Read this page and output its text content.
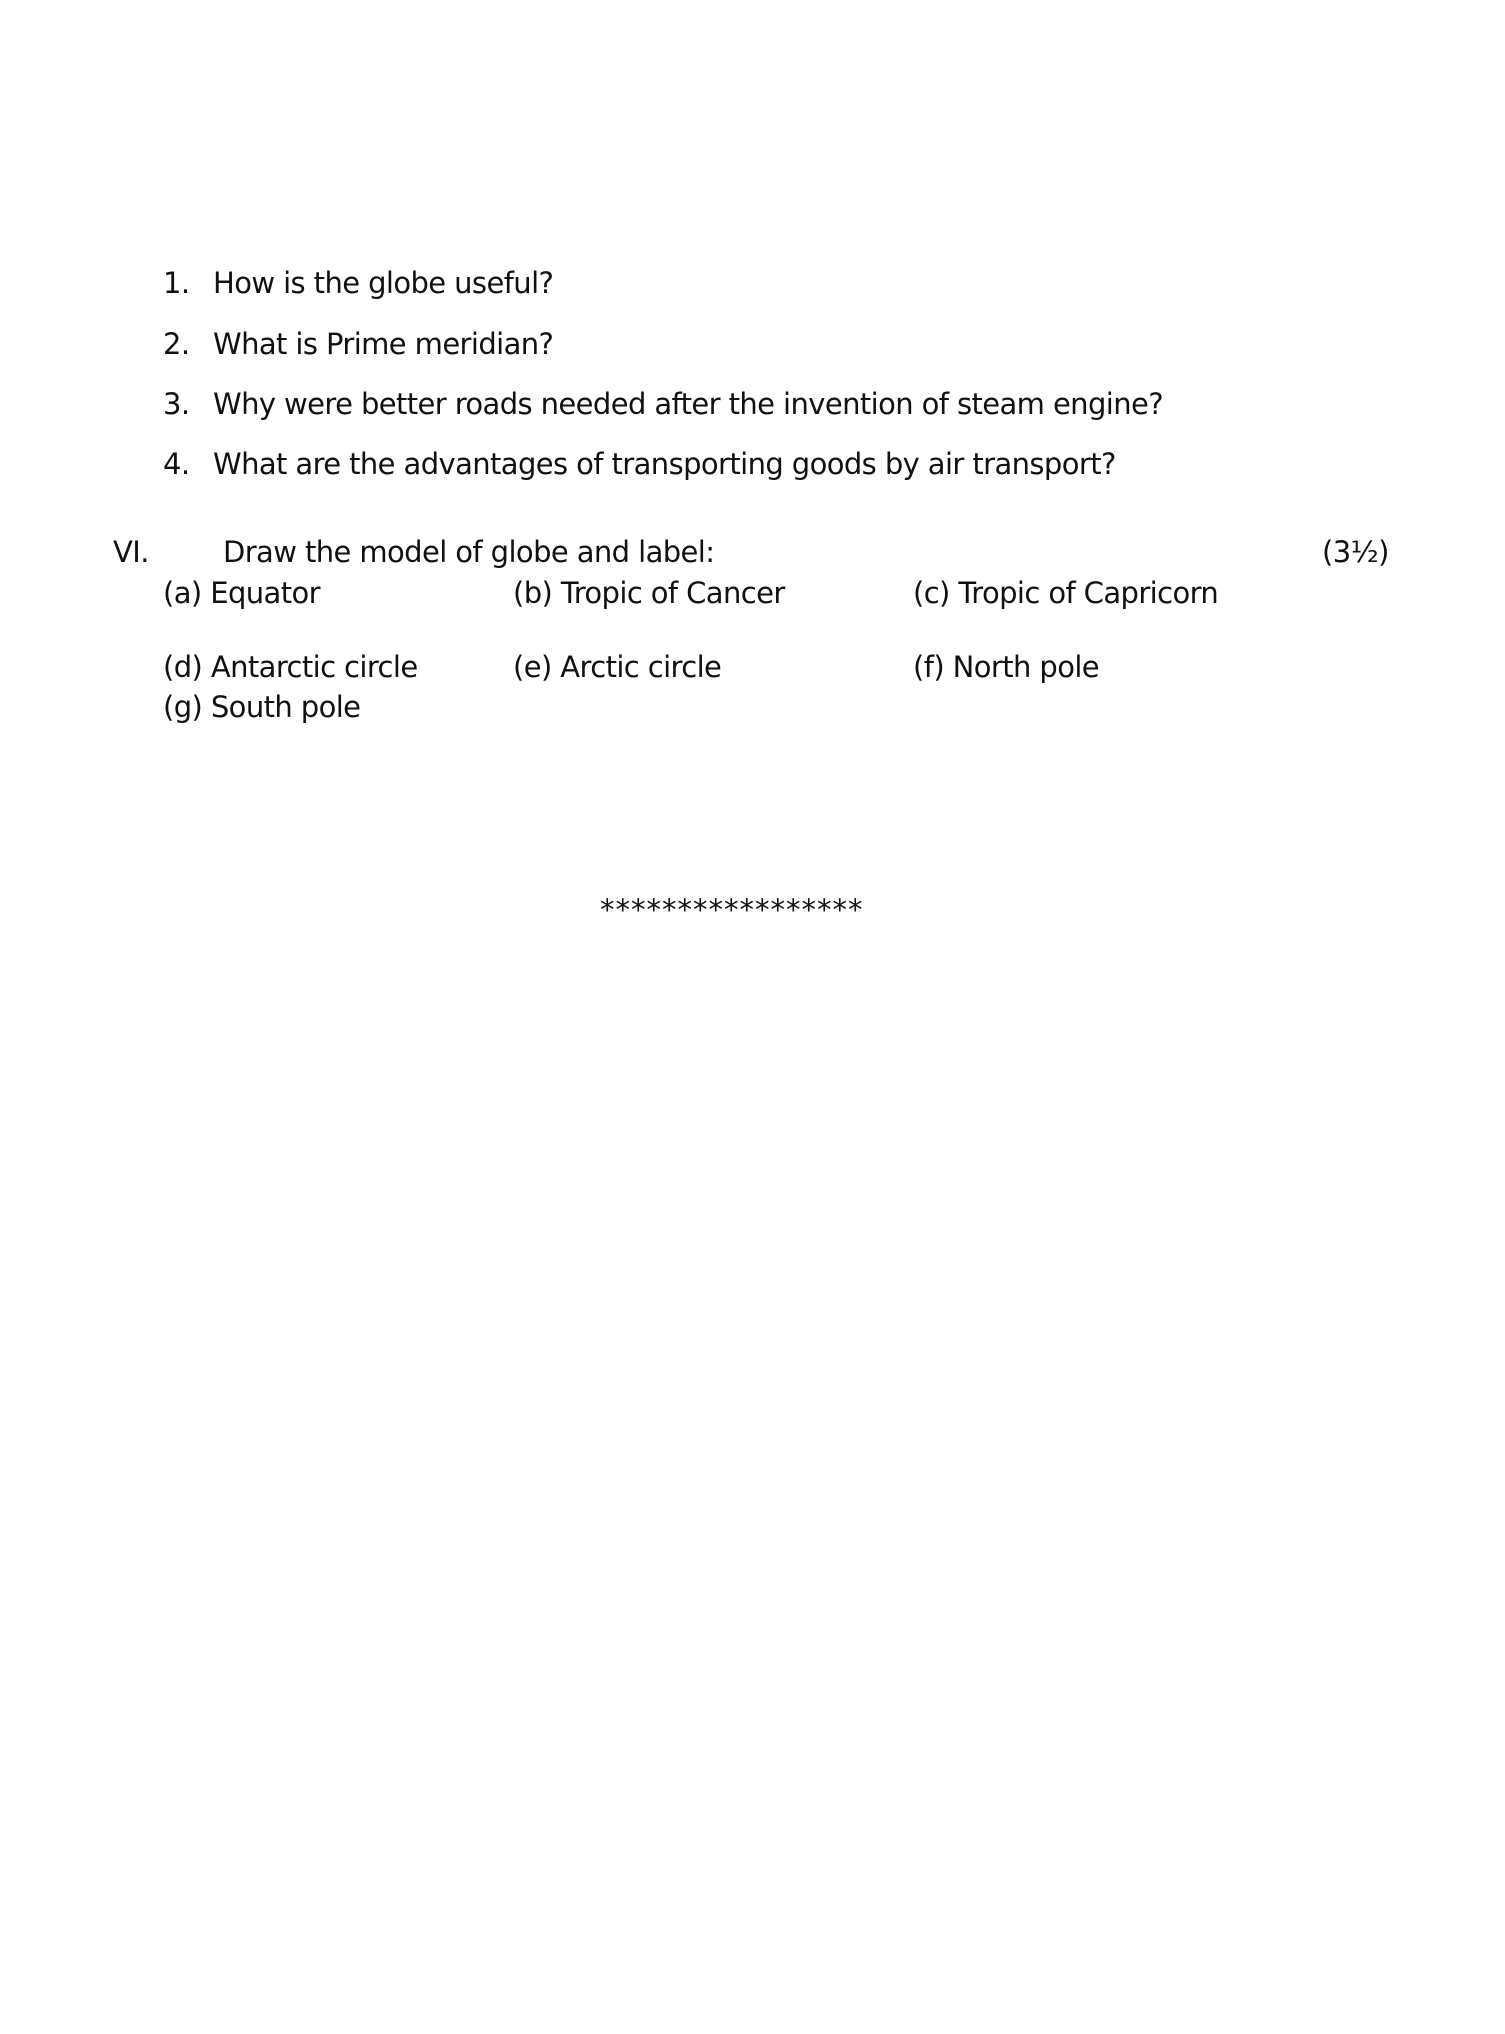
1. How is the globe useful?
2. What is Prime meridian?
3. Why were better roads needed after the invention of steam engine?
4. What are the advantages of transporting goods by air transport?
VI.	Draw the model of globe and label:	(3½)
(a) Equator	(b) Tropic of Cancer	(c) Tropic of Capricorn
(d) Antarctic circle	(e) Arctic circle	(f) North pole
(g) South pole
*****************
